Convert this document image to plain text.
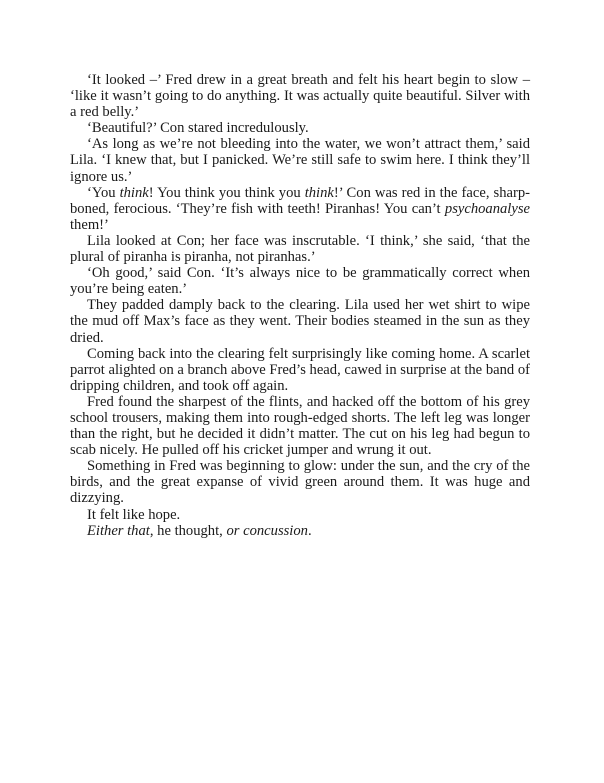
‘It looked –’ Fred drew in a great breath and felt his heart begin to slow – ‘like it wasn’t going to do anything. It was actually quite beautiful. Silver with a red belly.’

‘Beautiful?’ Con stared incredulously.

‘As long as we’re not bleeding into the water, we won’t attract them,’ said Lila. ‘I knew that, but I panicked. We’re still safe to swim here. I think they’ll ignore us.’

‘You think! You think you think you think!’ Con was red in the face, sharp-boned, ferocious. ‘They’re fish with teeth! Piranhas! You can’t psychoanalyse them!’

Lila looked at Con; her face was inscrutable. ‘I think,’ she said, ‘that the plural of piranha is piranha, not piranhas.’

‘Oh good,’ said Con. ‘It’s always nice to be grammatically correct when you’re being eaten.’

They padded damply back to the clearing. Lila used her wet shirt to wipe the mud off Max’s face as they went. Their bodies steamed in the sun as they dried.

Coming back into the clearing felt surprisingly like coming home. A scarlet parrot alighted on a branch above Fred’s head, cawed in surprise at the band of dripping children, and took off again.

Fred found the sharpest of the flints, and hacked off the bottom of his grey school trousers, making them into rough-edged shorts. The left leg was longer than the right, but he decided it didn’t matter. The cut on his leg had begun to scab nicely. He pulled off his cricket jumper and wrung it out.

Something in Fred was beginning to glow: under the sun, and the cry of the birds, and the great expanse of vivid green around them. It was huge and dizzying.

It felt like hope.

Either that, he thought, or concussion.
